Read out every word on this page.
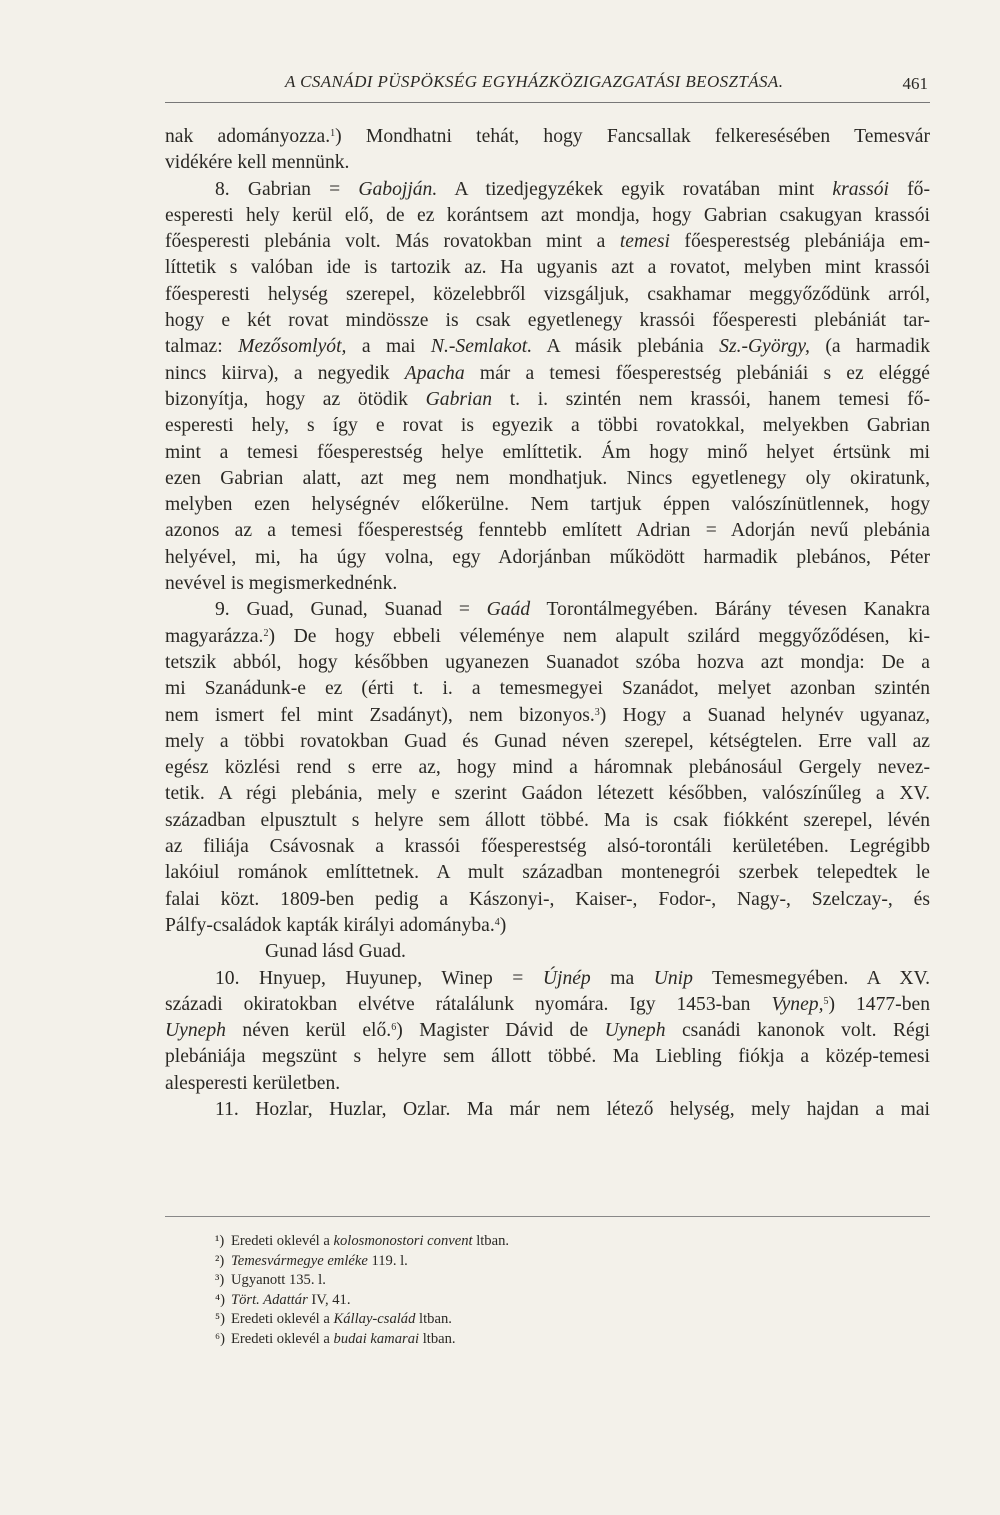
A CSANÁDI PÜSPÖKSÉG EGYHÁZKÖZIGAZGATÁSI BEOSZTÁSA.	461
nak adományozza.$^1$) Mondhatni tehát, hogy Fancsallak felkeresésében Temesvár
vidékére kell mennünk.
8. Gabrian = Gabojján. A tizedjegyzékek egyik rovatában mint krassói fő-
esperesti hely kerül elő, de ez korántsem azt mondja, hogy Gabrian csakugyan krassói
főesperesti plebánia volt. Más rovatokban mint a temesi főesperestség plebániája em-
líttetik s valóban ide is tartozik az. Ha ugyanis azt a rovatot, melyben mint krassói
főesperesti helység szerepel, közelebbről vizsgáljuk, csakhamar meggyőződünk arról,
hogy e két rovat mindössze is csak egyetlenegy krassói főesperesti plebániát tar-
talmaz: Mezősomlyót, a mai N.-Semlakot. A másik plebánia Sz.-György, (a harmadik
nincs kiirva), a negyedik Apacha már a temesi főesperestség plebániái s ez eléggé
bizonyítja, hogy az ötödik Gabrian t. i. szintén nem krassói, hanem temesi fő-
esperesti hely, s így e rovat is egyezik a többi rovatokkal, melyekben Gabrian
mint a temesi főesperestség helye említtetik. Ám hogy minő helyet értsünk mi
ezen Gabrian alatt, azt meg nem mondhatjuk. Nincs egyetlenegy oly okiratunk,
melyben ezen helységnév előkerülne. Nem tartjuk éppen valószínütlennek, hogy
azonos az a temesi főesperestség fenntebb említett Adrian = Adorján nevű plebánia
helyével, mi, ha úgy volna, egy Adorjánban működött harmadik plebános, Péter
nevével is megismerkednénk.
9. Guad, Gunad, Suanad = Gaád Torontálmegyében. Bárány tévesen Kanakra
magyarázza.$^2$) De hogy ebbeli véleménye nem alapult szilárd meggyőződésen, ki-
tetszik abból, hogy későbben ugyanezen Suanadot szóba hozva azt mondja: De a
mi Szanádunk-e ez (érti t. i. a temesmegyei Szanádot, melyet azonban szintén
nem ismert fel mint Zsadányt), nem bizonyos.$^3$) Hogy a Suanad helynév ugyanaz,
mely a többi rovatokban Guad és Gunad néven szerepel, kétségtelen. Erre vall az
egész közlési rend s erre az, hogy mind a háromnak plebánosául Gergely nevez-
tetik. A régi plebánia, mely e szerint Gaádon létezett későbben, valószínűleg a XV.
században elpusztult s helyre sem állott többé. Ma is csak fiókként szerepel, lévén
az filiája Csávosnak a krassói főesperestség alsó-torontáli kerületében. Legrégibb
lakóiul románok említtetnek. A mult században montenegrói szerbek telepedtek le
falai közt. 1809-ben pedig a Kászonyi-, Kaiser-, Fodor-, Nagy-, Szelczay-, és
Pálfy-családok kapták királyi adományba.$^4$)
Gunad lásd Guad.
10. Hnyuep, Huyunep, Winep = Újnép ma Unip Temesmegyében. A XV.
századi okiratokban elvétve rátalálunk nyomára. Igy 1453-ban Vynep,$^5$) 1477-ben
Uyneph néven kerül elő.$^6$) Magister Dávid de Uyneph csanádi kanonok volt. Régi
plebániája megszünt s helyre sem állott többé. Ma Liebling fiókja a közép-temesi
alesperesti kerületben.
11. Hozlar, Huzlar, Ozlar. Ma már nem létező helység, mely hajdan a mai
¹) Eredeti oklevél a kolosmonostori convent ltban.
²) Temesvármegye emléke 119. l.
³) Ugyanott 135. l.
⁴) Tört. Adattár IV, 41.
⁵) Eredeti oklevél a Kállay-család ltban.
⁶) Eredeti oklevél a budai kamarai ltban.
